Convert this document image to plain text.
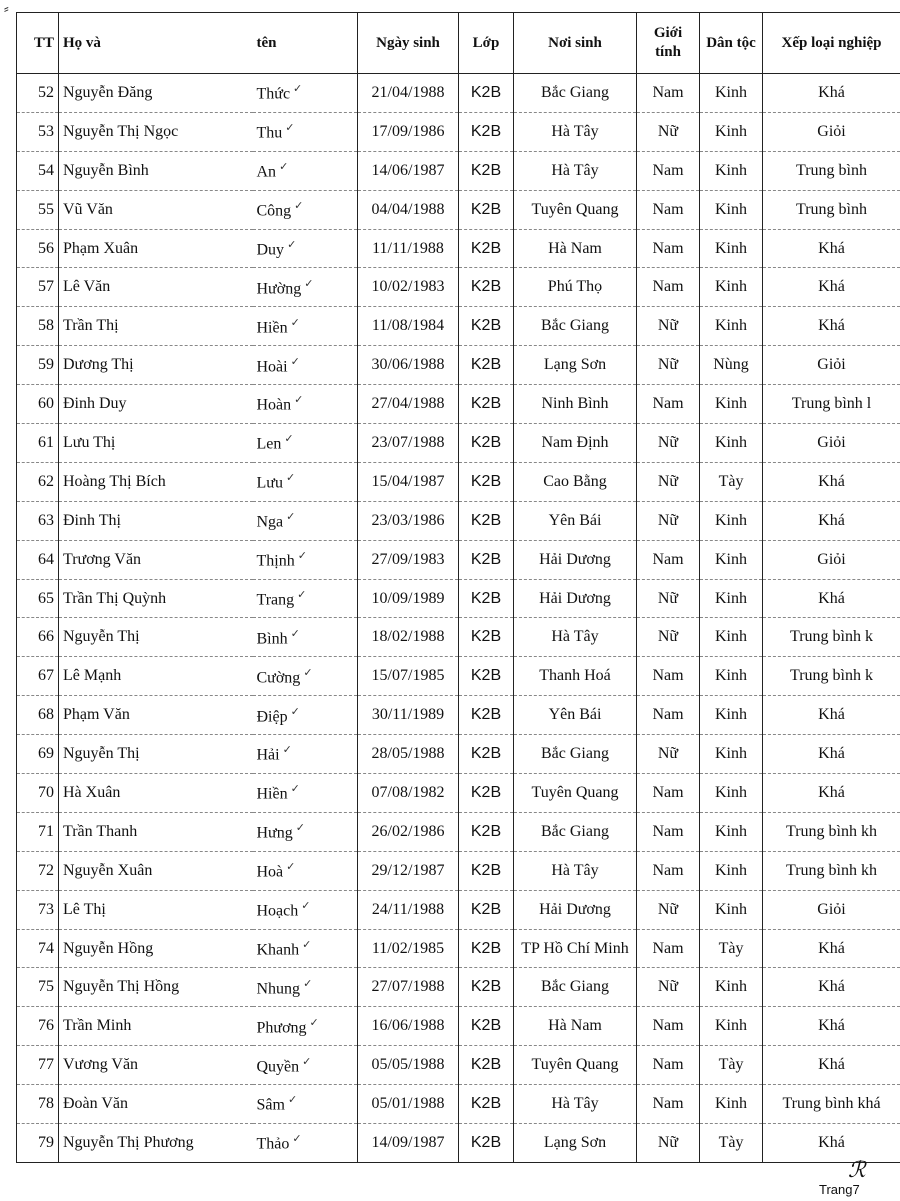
⸗
TT	Họ và	tên	Ngày sinh	Lớp	Nơi sinh	Giới tính	Dân tộc	Xếp loại nghiệp
52	Nguyễn Đăng	Thức ✓	21/04/1988	K2B	Bắc Giang	Nam	Kinh	Khá
53	Nguyễn Thị Ngọc	Thu ✓	17/09/1986	K2B	Hà Tây	Nữ	Kinh	Giỏi
54	Nguyễn Bình	An ✓	14/06/1987	K2B	Hà Tây	Nam	Kinh	Trung bình
55	Vũ Văn	Công ✓	04/04/1988	K2B	Tuyên Quang	Nam	Kinh	Trung bình
56	Phạm Xuân	Duy ✓	11/11/1988	K2B	Hà Nam	Nam	Kinh	Khá
57	Lê Văn	Hường ✓	10/02/1983	K2B	Phú Thọ	Nam	Kinh	Khá
58	Trần Thị	Hiền ✓	11/08/1984	K2B	Bắc Giang	Nữ	Kinh	Khá
59	Dương Thị	Hoài ✓	30/06/1988	K2B	Lạng Sơn	Nữ	Nùng	Giỏi
60	Đinh Duy	Hoàn ✓	27/04/1988	K2B	Ninh Bình	Nam	Kinh	Trung bình l
61	Lưu Thị	Len ✓	23/07/1988	K2B	Nam Định	Nữ	Kinh	Giỏi
62	Hoàng Thị Bích	Lưu ✓	15/04/1987	K2B	Cao Bằng	Nữ	Tày	Khá
63	Đinh Thị	Nga ✓	23/03/1986	K2B	Yên Bái	Nữ	Kinh	Khá
64	Trương Văn	Thịnh ✓	27/09/1983	K2B	Hải Dương	Nam	Kinh	Giỏi
65	Trần Thị Quỳnh	Trang ✓	10/09/1989	K2B	Hải Dương	Nữ	Kinh	Khá
66	Nguyễn Thị	Bình ✓	18/02/1988	K2B	Hà Tây	Nữ	Kinh	Trung bình k
67	Lê Mạnh	Cường ✓	15/07/1985	K2B	Thanh Hoá	Nam	Kinh	Trung bình k
68	Phạm Văn	Điệp ✓	30/11/1989	K2B	Yên Bái	Nam	Kinh	Khá
69	Nguyễn Thị	Hải ✓	28/05/1988	K2B	Bắc Giang	Nữ	Kinh	Khá
70	Hà Xuân	Hiền ✓	07/08/1982	K2B	Tuyên Quang	Nam	Kinh	Khá
71	Trần Thanh	Hưng ✓	26/02/1986	K2B	Bắc Giang	Nam	Kinh	Trung bình kh
72	Nguyễn Xuân	Hoà ✓	29/12/1987	K2B	Hà Tây	Nam	Kinh	Trung bình kh
73	Lê Thị	Hoạch ✓	24/11/1988	K2B	Hải Dương	Nữ	Kinh	Giỏi
74	Nguyễn Hồng	Khanh ✓	11/02/1985	K2B	TP Hồ Chí Minh	Nam	Tày	Khá
75	Nguyễn Thị Hồng	Nhung ✓	27/07/1988	K2B	Bắc Giang	Nữ	Kinh	Khá
76	Trần Minh	Phương ✓	16/06/1988	K2B	Hà Nam	Nam	Kinh	Khá
77	Vương Văn	Quyền ✓	05/05/1988	K2B	Tuyên Quang	Nam	Tày	Khá
78	Đoàn Văn	Sâm ✓	05/01/1988	K2B	Hà Tây	Nam	Kinh	Trung bình khá
79	Nguyễn Thị Phương	Thảo ✓	14/09/1987	K2B	Lạng Sơn	Nữ	Tày	Khá
ℛ
Trang7
